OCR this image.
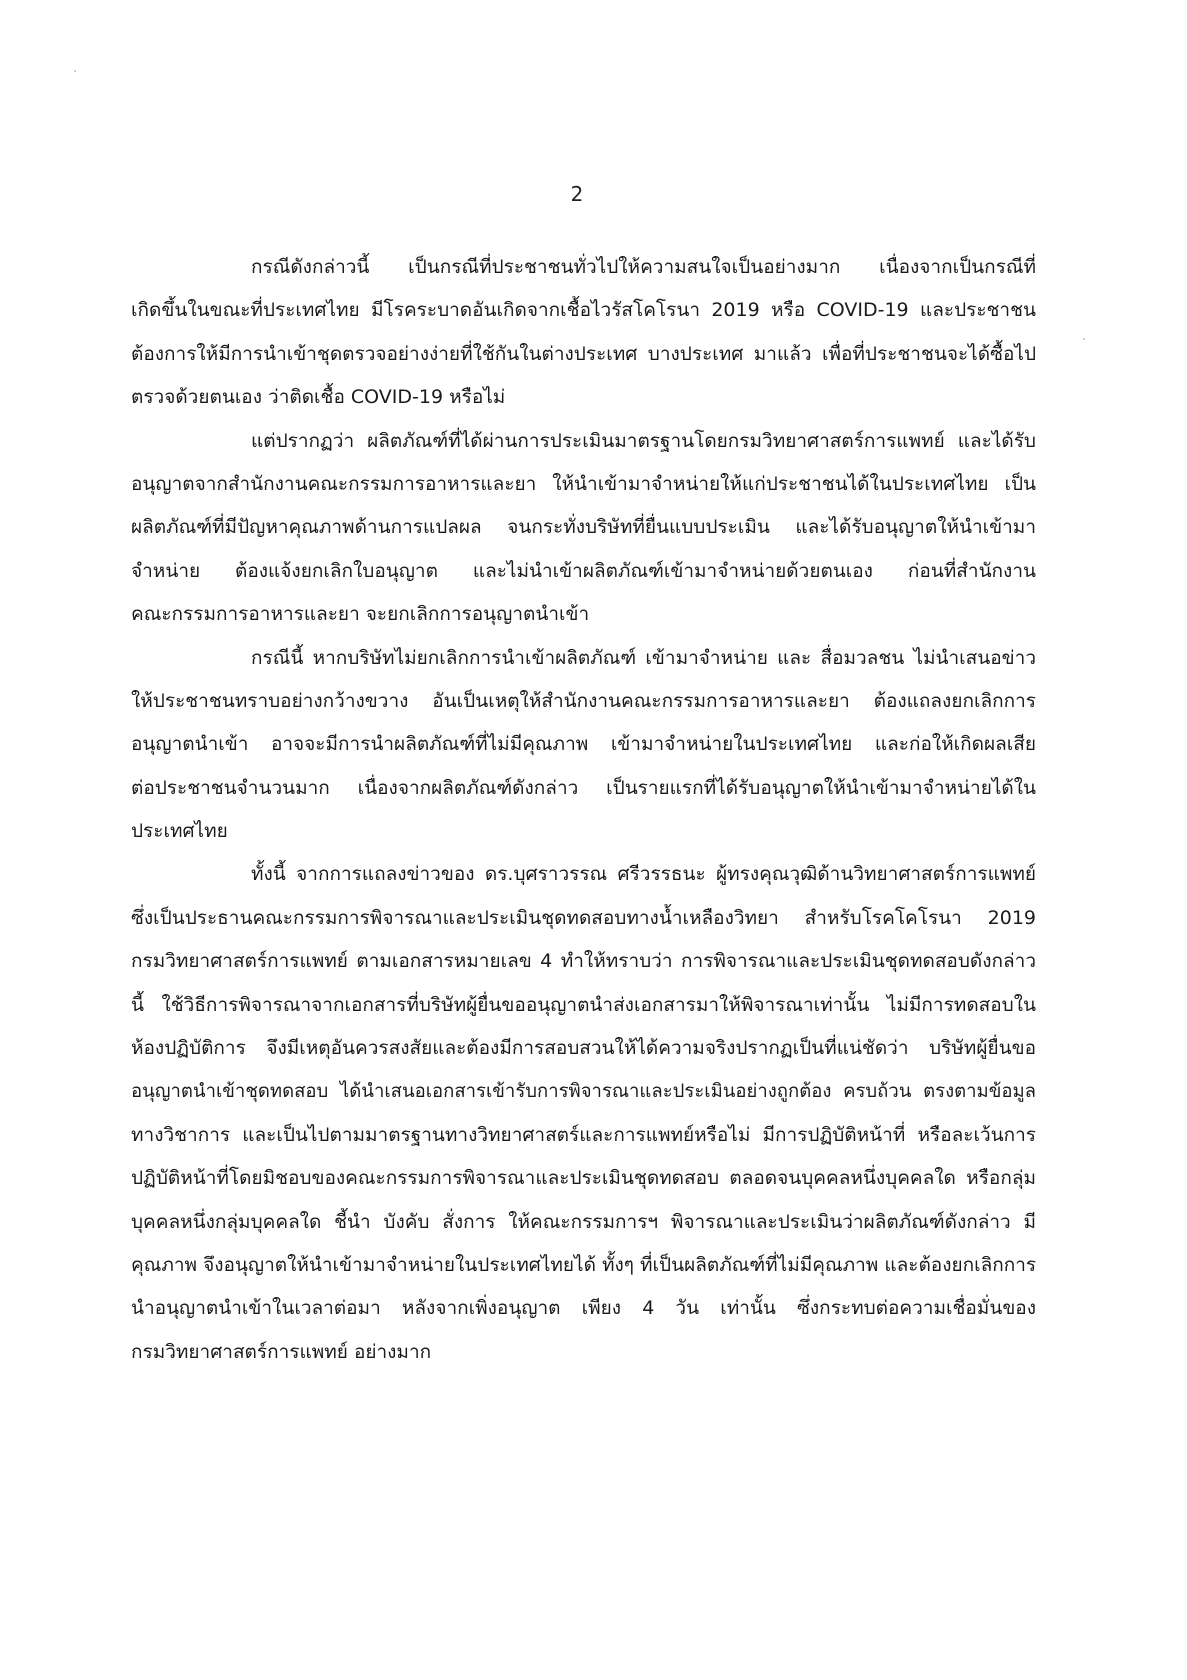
2
กรณีดังกล่าวนี้ เป็นกรณีที่ประชาชนทั่วไปให้ความสนใจเป็นอย่างมาก เนื่องจากเป็นกรณีที่
เกิดขึ้นในขณะที่ประเทศไทย มีโรคระบาดอันเกิดจากเชื้อไวรัสโคโรนา 2019 หรือ COVID-19 และประชาชน
ต้องการให้มีการนำเข้าชุดตรวจอย่างง่ายที่ใช้กันในต่างประเทศ บางประเทศ มาแล้ว เพื่อที่ประชาชนจะได้ซื้อไป
ตรวจด้วยตนเอง ว่าติดเชื้อ COVID-19 หรือไม่
แต่ปรากฏว่า ผลิตภัณฑ์ที่ได้ผ่านการประเมินมาตรฐานโดยกรมวิทยาศาสตร์การแพทย์ และได้รับ
อนุญาตจากสำนักงานคณะกรรมการอาหารและยา ให้นำเข้ามาจำหน่ายให้แก่ประชาชนได้ในประเทศไทย เป็น
ผลิตภัณฑ์ที่มีปัญหาคุณภาพด้านการแปลผล จนกระทั่งบริษัทที่ยื่นแบบประเมิน และได้รับอนุญาตให้นำเข้ามา
จำหน่าย ต้องแจ้งยกเลิกใบอนุญาต และไม่นำเข้าผลิตภัณฑ์เข้ามาจำหน่ายด้วยตนเอง ก่อนที่สำนักงาน
คณะกรรมการอาหารและยา จะยกเลิกการอนุญาตนำเข้า
กรณีนี้ หากบริษัทไม่ยกเลิกการนำเข้าผลิตภัณฑ์ เข้ามาจำหน่าย และ สื่อมวลชน ไม่นำเสนอข่าว
ให้ประชาชนทราบอย่างกว้างขวาง อันเป็นเหตุให้สำนักงานคณะกรรมการอาหารและยา ต้องแถลงยกเลิกการ
อนุญาตนำเข้า อาจจะมีการนำผลิตภัณฑ์ที่ไม่มีคุณภาพ เข้ามาจำหน่ายในประเทศไทย และก่อให้เกิดผลเสีย
ต่อประชาชนจำนวนมาก เนื่องจากผลิตภัณฑ์ดังกล่าว เป็นรายแรกที่ได้รับอนุญาตให้นำเข้ามาจำหน่ายได้ใน
ประเทศไทย
ทั้งนี้ จากการแถลงข่าวของ ดร.บุศราวรรณ ศรีวรรธนะ ผู้ทรงคุณวุฒิด้านวิทยาศาสตร์การแพทย์
ซึ่งเป็นประธานคณะกรรมการพิจารณาและประเมินชุดทดสอบทางน้ำเหลืองวิทยา สำหรับโรคโคโรนา 2019
กรมวิทยาศาสตร์การแพทย์ ตามเอกสารหมายเลข 4 ทำให้ทราบว่า การพิจารณาและประเมินชุดทดสอบดังกล่าว
นี้ ใช้วิธีการพิจารณาจากเอกสารที่บริษัทผู้ยื่นขออนุญาตนำส่งเอกสารมาให้พิจารณาเท่านั้น ไม่มีการทดสอบใน
ห้องปฏิบัติการ จึงมีเหตุอันควรสงสัยและต้องมีการสอบสวนให้ได้ความจริงปรากฏเป็นที่แน่ชัดว่า บริษัทผู้ยื่นขอ
อนุญาตนำเข้าชุดทดสอบ ได้นำเสนอเอกสารเข้ารับการพิจารณาและประเมินอย่างถูกต้อง ครบถ้วน ตรงตามข้อมูล
ทางวิชาการ และเป็นไปตามมาตรฐานทางวิทยาศาสตร์และการแพทย์หรือไม่ มีการปฏิบัติหน้าที่ หรือละเว้นการ
ปฏิบัติหน้าที่โดยมิชอบของคณะกรรมการพิจารณาและประเมินชุดทดสอบ ตลอดจนบุคคลหนึ่งบุคคลใด หรือกลุ่ม
บุคคลหนึ่งกลุ่มบุคคลใด ชี้นำ บังคับ สั่งการ ให้คณะกรรมการฯ พิจารณาและประเมินว่าผลิตภัณฑ์ดังกล่าว มี
คุณภาพ จึงอนุญาตให้นำเข้ามาจำหน่ายในประเทศไทยได้ ทั้งๆ ที่เป็นผลิตภัณฑ์ที่ไม่มีคุณภาพ และต้องยกเลิกการ
นำอนุญาตนำเข้าในเวลาต่อมา หลังจากเพิ่งอนุญาต เพียง 4 วัน เท่านั้น ซึ่งกระทบต่อความเชื่อมั่นของ
กรมวิทยาศาสตร์การแพทย์ อย่างมาก
